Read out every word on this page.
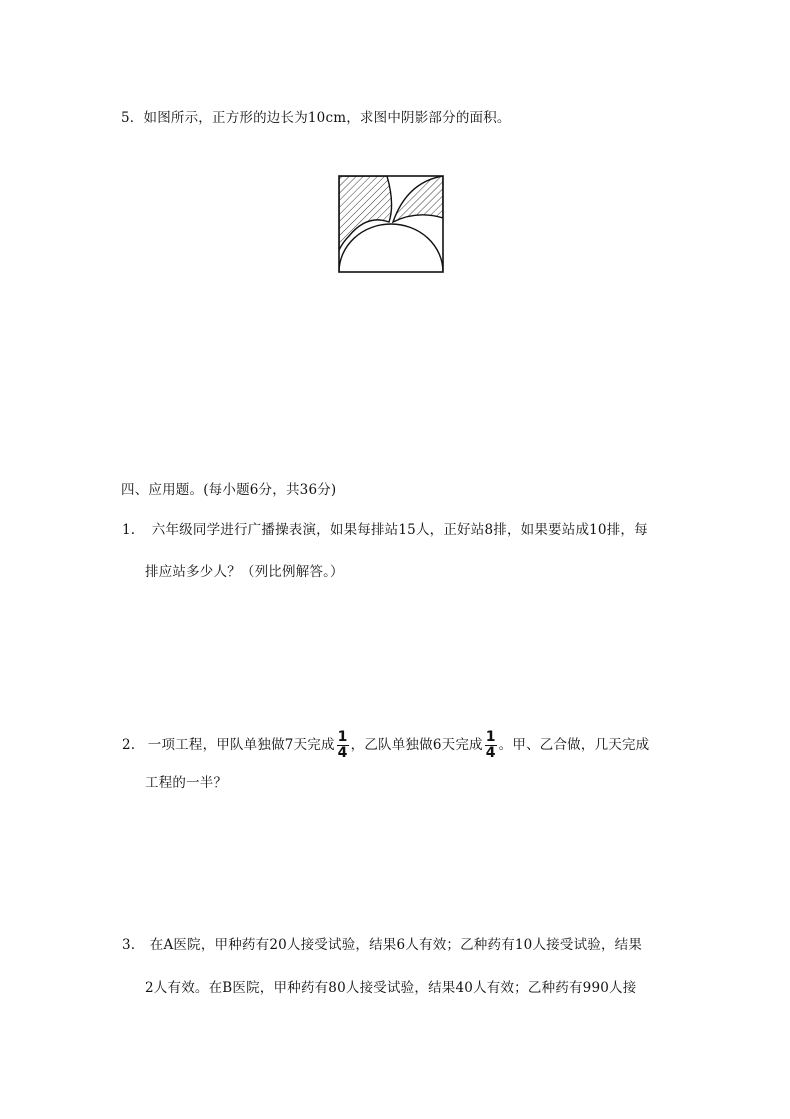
5．如图所示，正方形的边长为10cm，求图中阴影部分的面积。
四、应用题。(每小题6分，共36分)
1. 六年级同学进行广播操表演，如果每排站15人，正好站8排，如果要站成10排，每
排应站多少人？（列比例解答。）
2. 一项工程，甲队单独做7天完成 $\frac{1}{4}$ ，乙队单独做6天完成 $\frac{1}{4}$ 。甲、乙合做，几天完成
工程的一半？
3. 在A医院，甲种药有20人接受试验，结果6人有效；乙种药有10人接受试验，结果
2人有效。在B医院，甲种药有80人接受试验，结果40人有效；乙种药有990人接
